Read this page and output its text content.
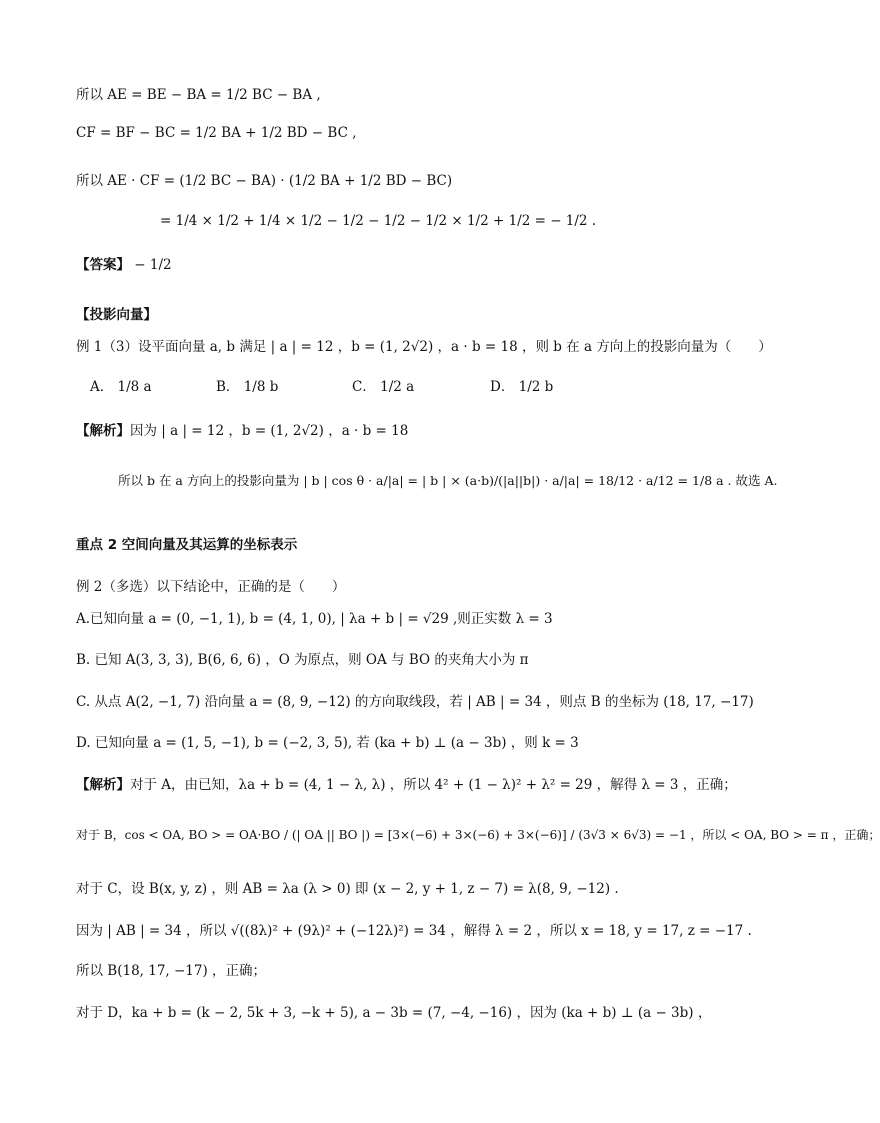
所以 AE = BE − BA = 1/2 BC − BA ,
CF = BF − BC = 1/2 BA + 1/2 BD − BC ,
所以 AE · CF = (1/2 BC − BA) · (1/2 BA + 1/2 BD − BC)
= 1/4 × 1/2 + 1/4 × 1/2 − 1/2 − 1/2 − 1/2 × 1/2 + 1/2 = − 1/2 .
【答案】 − 1/2
【投影向量】
例 1（3）设平面向量 a, b 满足 | a | = 12 ，b = (1, 2√2) ，a · b = 18 ，则 b 在 a 方向上的投影向量为（　　）
A． 1/8 a	B． 1/8 b	C． 1/2 a	D． 1/2 b
【解析】因为 | a | = 12 ，b = (1, 2√2) ，a · b = 18
所以 b 在 a 方向上的投影向量为 | b | cos θ · a/|a| = | b | × (a·b)/(|a||b|) · a/|a| = 18/12 · a/12 = 1/8 a . 故选 A.
重点 2 空间向量及其运算的坐标表示
例 2（多选）以下结论中，正确的是（　　）
A.已知向量 a = (0, −1, 1), b = (4, 1, 0), | λa + b | = √29 ,则正实数 λ = 3
B. 已知 A(3, 3, 3), B(6, 6, 6) ，O 为原点，则 OA 与 BO 的夹角大小为 π
C. 从点 A(2, −1, 7) 沿向量 a = (8, 9, −12) 的方向取线段，若 | AB | = 34 ，则点 B 的坐标为 (18, 17, −17)
D. 已知向量 a = (1, 5, −1), b = (−2, 3, 5), 若 (ka + b) ⊥ (a − 3b) ，则 k = 3
【解析】对于 A，由已知，λa + b = (4, 1 − λ, λ) ，所以 4² + (1 − λ)² + λ² = 29 ，解得 λ = 3 ，正确；
对于 B，cos < OA, BO > = OA·BO / (| OA || BO |) = [3×(−6) + 3×(−6) + 3×(−6)] / (3√3 × 6√3) = −1 ，所以 < OA, BO > = π ，正确；
对于 C，设 B(x, y, z) ，则 AB = λa (λ > 0) 即 (x − 2, y + 1, z − 7) = λ(8, 9, −12) .
因为 | AB | = 34 ，所以 √((8λ)² + (9λ)² + (−12λ)²) = 34 ，解得 λ = 2 ，所以 x = 18, y = 17, z = −17 .
所以 B(18, 17, −17) ，正确；
对于 D，ka + b = (k − 2, 5k + 3, −k + 5), a − 3b = (7, −4, −16) ，因为 (ka + b) ⊥ (a − 3b) ，
